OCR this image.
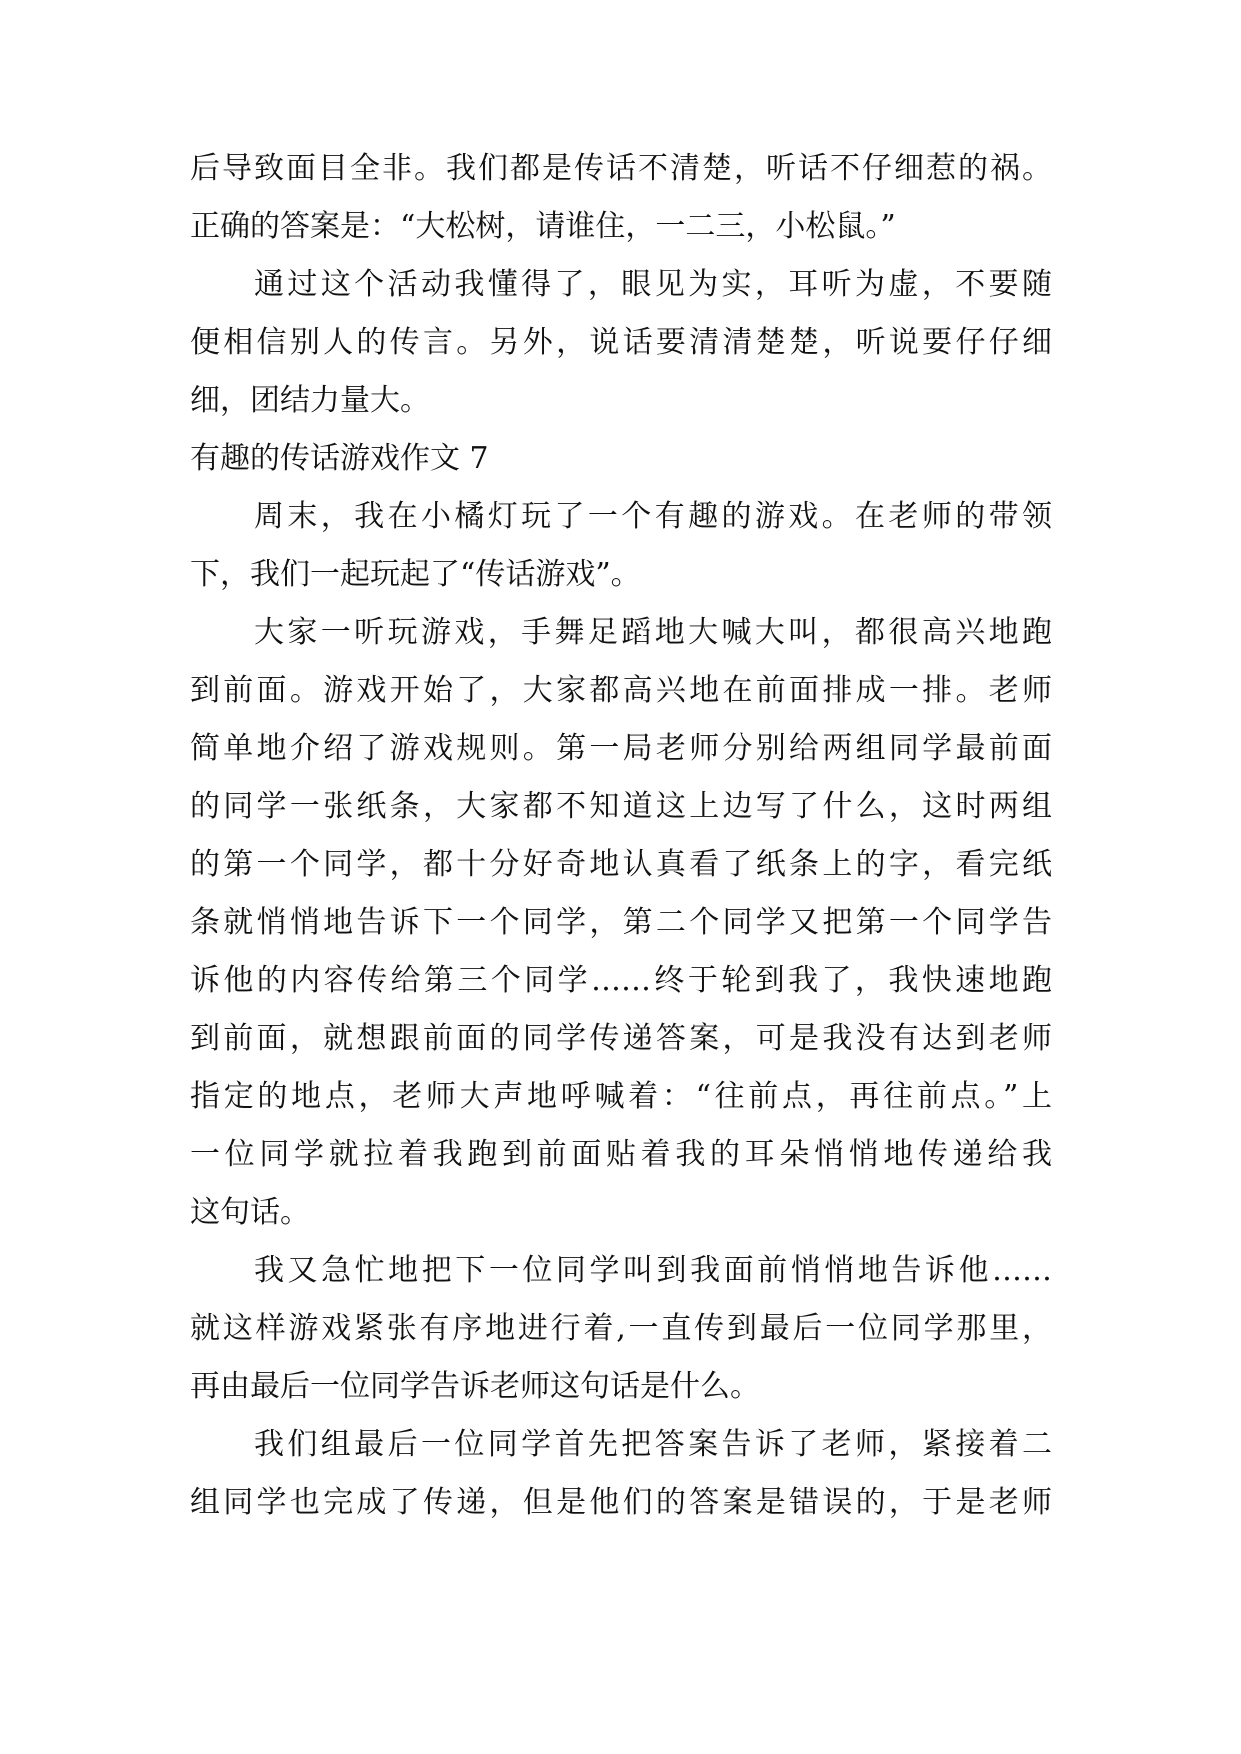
后导致面目全非。我们都是传话不清楚，听话不仔细惹的祸。
正确的答案是：“大松树，请谁住，一二三，小松鼠。”
通过这个活动我懂得了，眼见为实，耳听为虚，不要随
便相信别人的传言。另外，说话要清清楚楚，听说要仔仔细
细，团结力量大。
有趣的传话游戏作文 7
周末，我在小橘灯玩了一个有趣的游戏。在老师的带领
下，我们一起玩起了“传话游戏”。
大家一听玩游戏，手舞足蹈地大喊大叫，都很高兴地跑
到前面。游戏开始了，大家都高兴地在前面排成一排。老师
简单地介绍了游戏规则。第一局老师分别给两组同学最前面
的同学一张纸条，大家都不知道这上边写了什么，这时两组
的第一个同学，都十分好奇地认真看了纸条上的字，看完纸
条就悄悄地告诉下一个同学，第二个同学又把第一个同学告
诉他的内容传给第三个同学……终于轮到我了，我快速地跑
到前面，就想跟前面的同学传递答案，可是我没有达到老师
指定的地点，老师大声地呼喊着：“往前点，再往前点。”上
一位同学就拉着我跑到前面贴着我的耳朵悄悄地传递给我
这句话。
我又急忙地把下一位同学叫到我面前悄悄地告诉他……
就这样游戏紧张有序地进行着,一直传到最后一位同学那里，
再由最后一位同学告诉老师这句话是什么。
我们组最后一位同学首先把答案告诉了老师，紧接着二
组同学也完成了传递，但是他们的答案是错误的，于是老师
